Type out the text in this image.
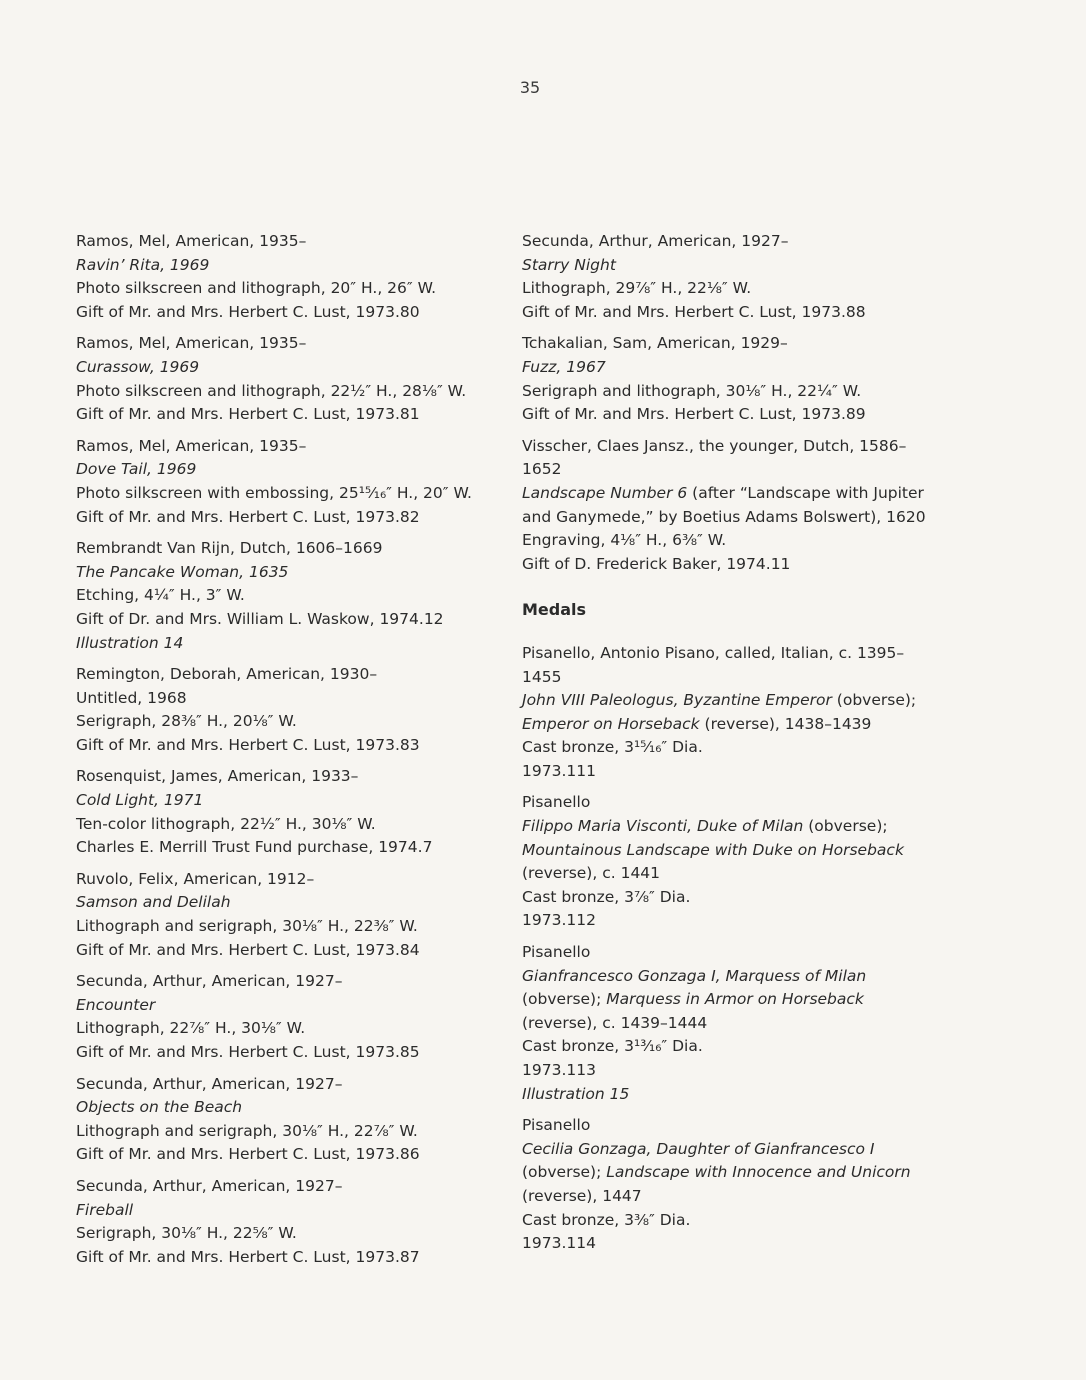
35
Ramos, Mel, American, 1935–
Ravin’ Rita, 1969
Photo silkscreen and lithograph, 20″ H., 26″ W.
Gift of Mr. and Mrs. Herbert C. Lust, 1973.80
Ramos, Mel, American, 1935–
Curassow, 1969
Photo silkscreen and lithograph, 22½″ H., 28⅛″ W.
Gift of Mr. and Mrs. Herbert C. Lust, 1973.81
Ramos, Mel, American, 1935–
Dove Tail, 1969
Photo silkscreen with embossing, 25¹⁵⁄₁₆″ H., 20″ W.
Gift of Mr. and Mrs. Herbert C. Lust, 1973.82
Rembrandt Van Rijn, Dutch, 1606–1669
The Pancake Woman, 1635
Etching, 4¼″ H., 3″ W.
Gift of Dr. and Mrs. William L. Waskow, 1974.12
Illustration 14
Remington, Deborah, American, 1930–
Untitled, 1968
Serigraph, 28⅜″ H., 20⅛″ W.
Gift of Mr. and Mrs. Herbert C. Lust, 1973.83
Rosenquist, James, American, 1933–
Cold Light, 1971
Ten-color lithograph, 22½″ H., 30⅛″ W.
Charles E. Merrill Trust Fund purchase, 1974.7
Ruvolo, Felix, American, 1912–
Samson and Delilah
Lithograph and serigraph, 30⅛″ H., 22⅜″ W.
Gift of Mr. and Mrs. Herbert C. Lust, 1973.84
Secunda, Arthur, American, 1927–
Encounter
Lithograph, 22⅞″ H., 30⅛″ W.
Gift of Mr. and Mrs. Herbert C. Lust, 1973.85
Secunda, Arthur, American, 1927–
Objects on the Beach
Lithograph and serigraph, 30⅛″ H., 22⅞″ W.
Gift of Mr. and Mrs. Herbert C. Lust, 1973.86
Secunda, Arthur, American, 1927–
Fireball
Serigraph, 30⅛″ H., 22⅝″ W.
Gift of Mr. and Mrs. Herbert C. Lust, 1973.87
Secunda, Arthur, American, 1927–
Starry Night
Lithograph, 29⅞″ H., 22⅛″ W.
Gift of Mr. and Mrs. Herbert C. Lust, 1973.88
Tchakalian, Sam, American, 1929–
Fuzz, 1967
Serigraph and lithograph, 30⅛″ H., 22¼″ W.
Gift of Mr. and Mrs. Herbert C. Lust, 1973.89
Visscher, Claes Jansz., the younger, Dutch, 1586–
1652
Landscape Number 6 (after “Landscape with Jupiter
and Ganymede,” by Boetius Adams Bolswert), 1620
Engraving, 4⅛″ H., 6⅜″ W.
Gift of D. Frederick Baker, 1974.11
Medals
Pisanello, Antonio Pisano, called, Italian, c. 1395–
1455
John VIII Paleologus, Byzantine Emperor (obverse);
Emperor on Horseback (reverse), 1438–1439
Cast bronze, 3¹⁵⁄₁₆″ Dia.
1973.111
Pisanello
Filippo Maria Visconti, Duke of Milan (obverse);
Mountainous Landscape with Duke on Horseback
(reverse), c. 1441
Cast bronze, 3⅞″ Dia.
1973.112
Pisanello
Gianfrancesco Gonzaga I, Marquess of Milan
(obverse); Marquess in Armor on Horseback
(reverse), c. 1439–1444
Cast bronze, 3¹³⁄₁₆″ Dia.
1973.113
Illustration 15
Pisanello
Cecilia Gonzaga, Daughter of Gianfrancesco I
(obverse); Landscape with Innocence and Unicorn
(reverse), 1447
Cast bronze, 3⅜″ Dia.
1973.114
